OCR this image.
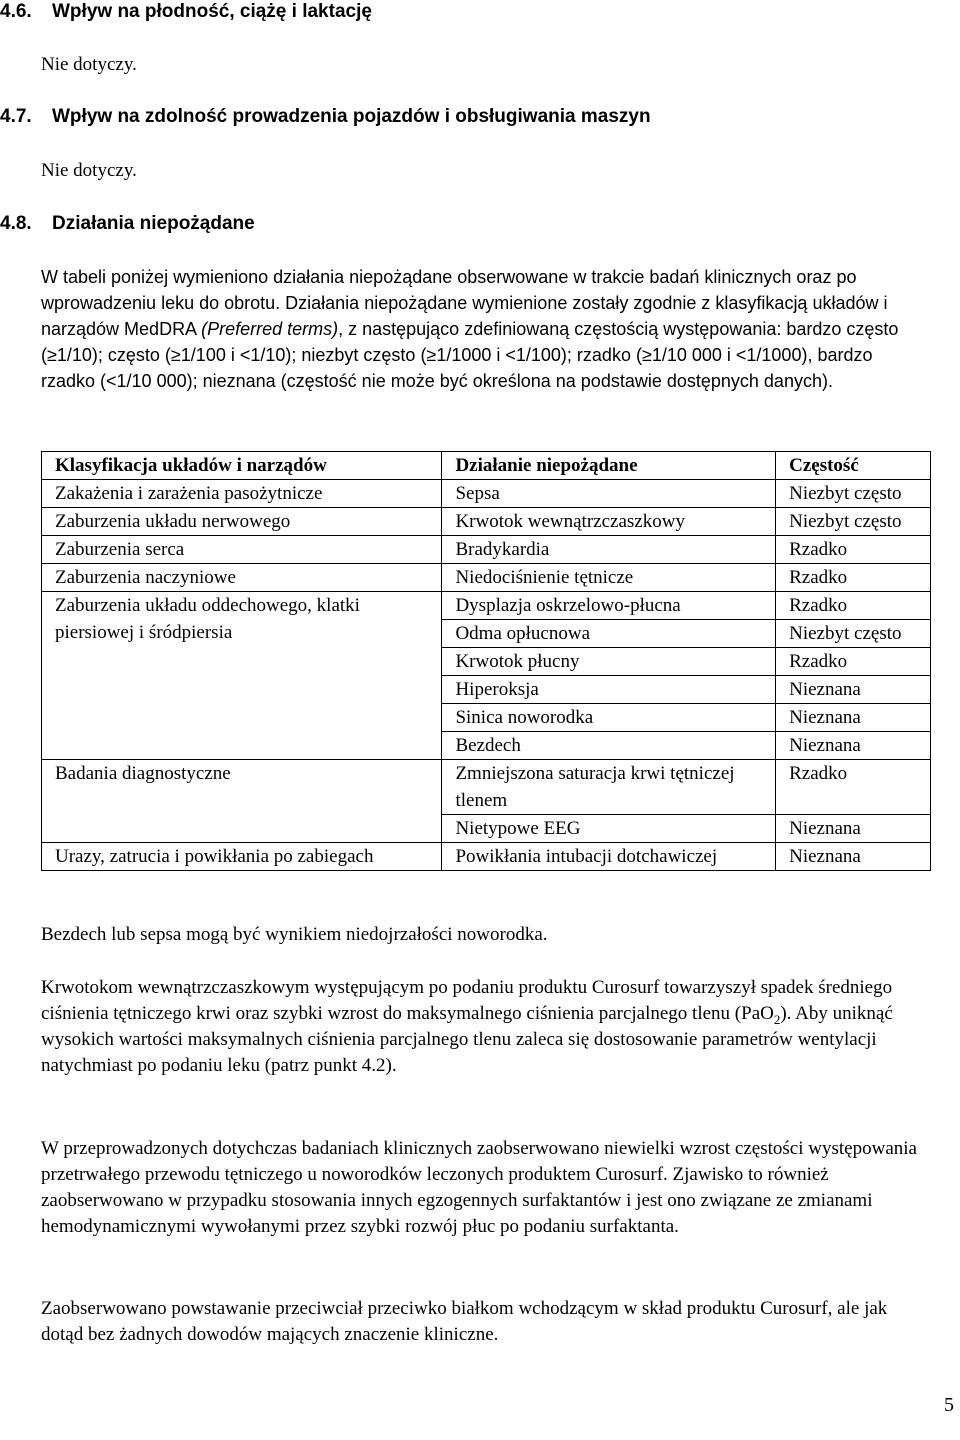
4.6. Wpływ na płodność, ciążę i laktację
Nie dotyczy.
4.7. Wpływ na zdolność prowadzenia pojazdów i obsługiwania maszyn
Nie dotyczy.
4.8. Działania niepożądane
W tabeli poniżej wymieniono działania niepożądane obserwowane w trakcie badań klinicznych oraz po wprowadzeniu leku do obrotu. Działania niepożądane wymienione zostały zgodnie z klasyfikacją układów i narządów MedDRA (Preferred terms), z następująco zdefiniowaną częstością występowania: bardzo często (≥1/10); często (≥1/100 i <1/10); niezbyt często (≥1/1000 i <1/100); rzadko (≥1/10 000 i <1/1000), bardzo rzadko (<1/10 000); nieznana (częstość nie może być określona na podstawie dostępnych danych).
Klasyfikacja układów i narządów	Działanie niepożądane	Częstość
Zakażenia i zarażenia pasożytnicze	Sepsa	Niezbyt często
Zaburzenia układu nerwowego	Krwotok wewnątrzczaszkowy	Niezbyt często
Zaburzenia serca	Bradykardia	Rzadko
Zaburzenia naczyniowe	Niedociśnienie tętnicze	Rzadko
Zaburzenia układu oddechowego, klatki piersiowej i śródpiersia	Dysplazja oskrzelowo-płucna	Rzadko
	Odma opłucnowa	Niezbyt często
	Krwotok płucny	Rzadko
	Hiperoksja	Nieznana
	Sinica noworodka	Nieznana
	Bezdech	Nieznana
Badania diagnostyczne	Zmniejszona saturacja krwi tętniczej tlenem	Rzadko
	Nietypowe EEG	Nieznana
Urazy, zatrucia i powikłania po zabiegach	Powikłania intubacji dotchawiczej	Nieznana
Bezdech lub sepsa mogą być wynikiem niedojrzałości noworodka.
Krwotokom wewnątrzczaszkowym występującym po podaniu produktu Curosurf towarzyszył spadek średniego ciśnienia tętniczego krwi oraz szybki wzrost do maksymalnego ciśnienia parcjalnego tlenu (PaO$_2$). Aby uniknąć wysokich wartości maksymalnych ciśnienia parcjalnego tlenu zaleca się dostosowanie parametrów wentylacji natychmiast po podaniu leku (patrz punkt 4.2).
W przeprowadzonych dotychczas badaniach klinicznych zaobserwowano niewielki wzrost częstości występowania przetrwałego przewodu tętniczego u noworodków leczonych produktem Curosurf. Zjawisko to również zaobserwowano w przypadku stosowania innych egzogennych surfaktantów i jest ono związane ze zmianami hemodynamicznymi wywołanymi przez szybki rozwój płuc po podaniu surfaktanta.
Zaobserwowano powstawanie przeciwciał przeciwko białkom wchodzącym w skład produktu Curosurf, ale jak dotąd bez żadnych dowodów mających znaczenie kliniczne.
5
